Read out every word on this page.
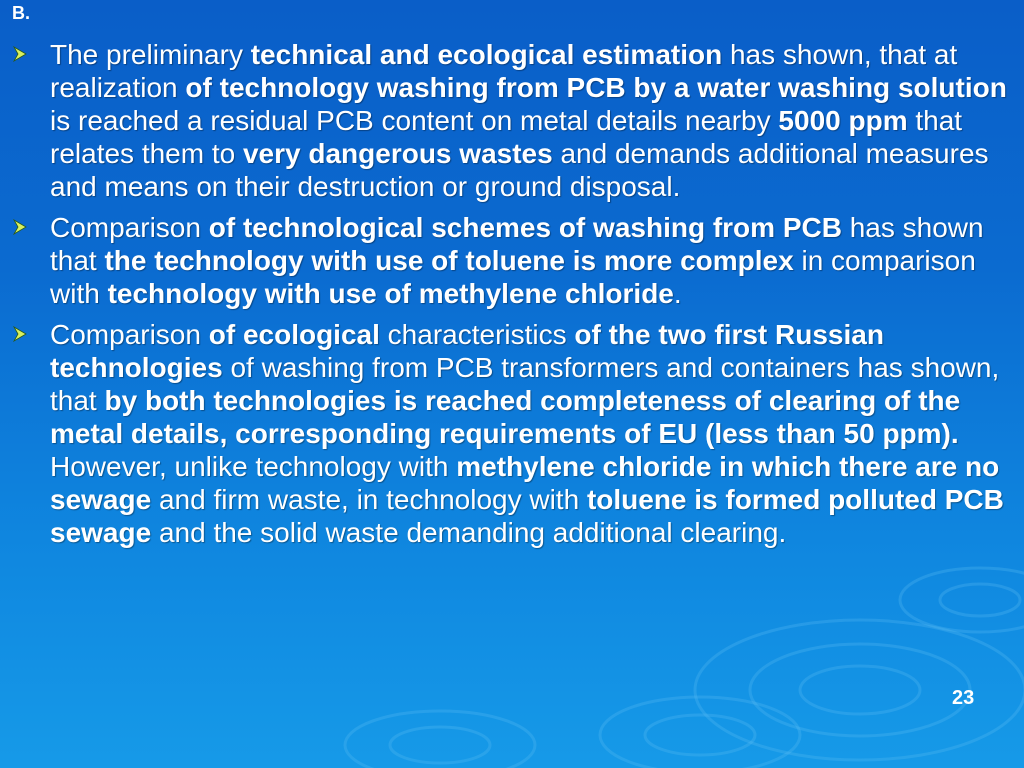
B.
The preliminary technical and ecological estimation has shown, that at realization of technology washing from PCB by a water washing solution is reached a residual PCB content on metal details nearby 5000 ppm that relates them to very dangerous wastes and demands additional measures and means on their destruction or ground disposal.
Comparison of technological schemes of washing from PCB has shown that the technology with use of toluene is more complex in comparison with technology with use of methylene chloride.
Comparison of ecological characteristics of the two first Russian technologies of washing from PCB transformers and containers has shown, that by both technologies is reached completeness of clearing of the metal details, corresponding requirements of EU (less than 50 ppm). However, unlike technology with methylene chloride in which there are no sewage and firm waste, in technology with toluene is formed polluted PCB sewage and the solid waste demanding additional clearing.
23
